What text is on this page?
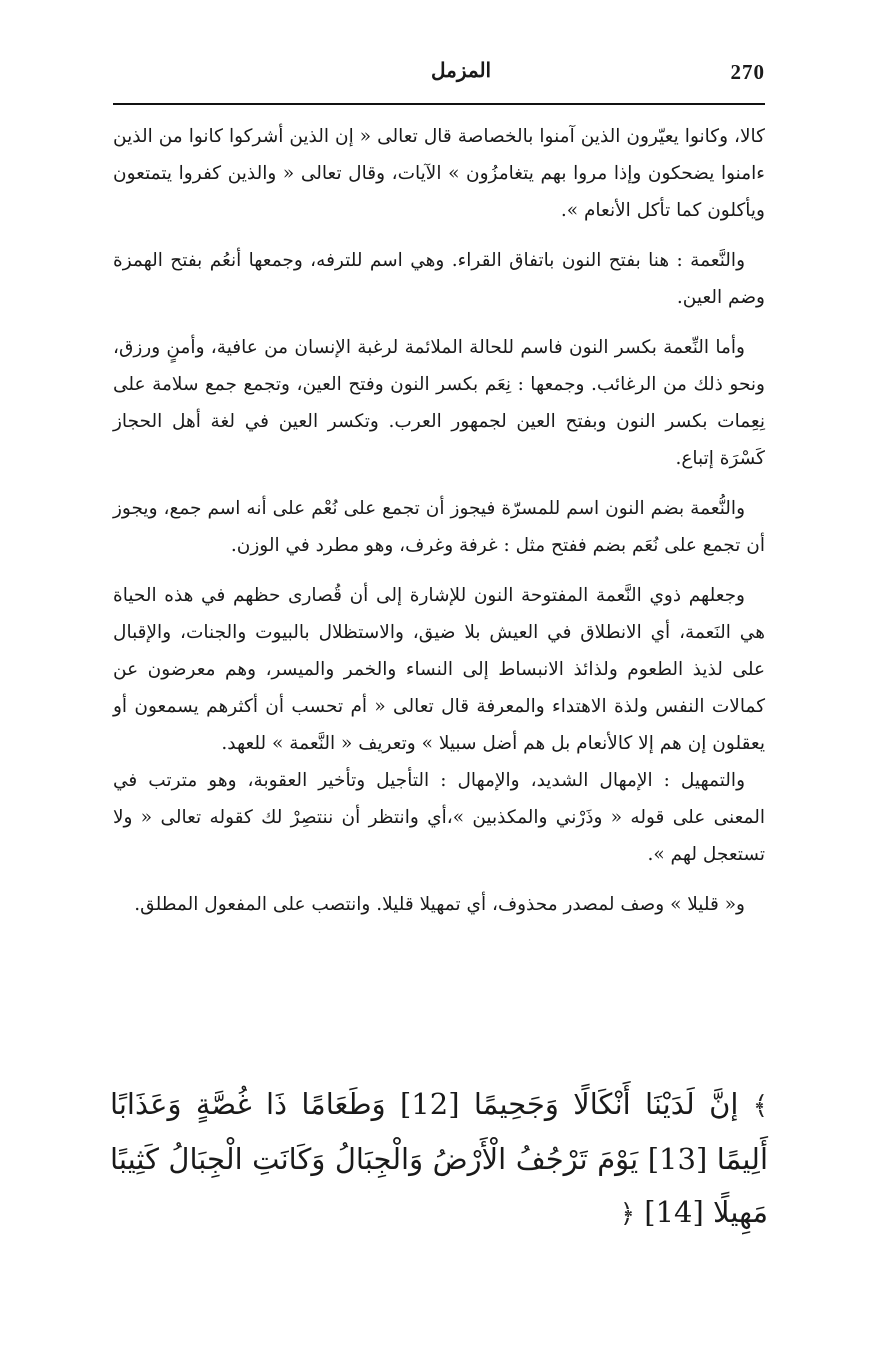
270
المزمل

كالا، وكانوا يعيّرون الذين آمنوا بالخصاصة قال تعالى « إن الذين أشركوا كانوا من الذين ءامنوا يضحكون وإذا مروا بهم يتغامزُون » الآيات، وقال تعالى « والذين كفروا يتمتعون ويأكلون كما تأكل الأنعام ».

والنَّعمة : هنا بفتح النون باتفاق القراء. وهي اسم للترفه، وجمعها أنعُم بفتح الهمزة وضم العين.

وأما النِّعمة بكسر النون فاسم للحالة الملائمة لرغبة الإنسان من عافية، وأمنٍ ورزق، ونحو ذلك من الرغائب. وجمعها : نِعَم بكسر النون وفتح العين، وتجمع جمع سلامة على نِعِمات بكسر النون وبفتح العين لجمهور العرب. وتكسر العين في لغة أهل الحجاز كَسْرَة إتباع.

والنُّعمة بضم النون اسم للمسرّة فيجوز أن تجمع على نُعْم على أنه اسم جمع، ويجوز أن تجمع على نُعَم بضم ففتح مثل : غرفة وغرف، وهو مطرد في الوزن.

وجعلهم ذوي النَّعمة المفتوحة النون للإشارة إلى أن قُصارى حظهم في هذه الحياة هي النَعمة، أي الانطلاق في العيش بلا ضيق، والاستظلال بالبيوت والجنات، والإقبال على لذيذ الطعوم ولذائذ الانبساط إلى النساء والخمر والميسر، وهم معرضون عن كمالات النفس ولذة الاهتداء والمعرفة قال تعالى « أم تحسب أن أكثرهم يسمعون أو يعقلون إن هم إلا كالأنعام بل هم أضل سبيلا » وتعريف « النَّعمة » للعهد.

والتمهيل : الإمهال الشديد، والإمهال : التأجيل وتأخير العقوبة، وهو مترتب في المعنى على قوله « وذَرْني والمكذبين »،أي وانتظر أن ننتصِرْ لك كقوله تعالى « ولا تستعجل لهم ».

و« قليلا » وصف لمصدر محذوف، أي تمهيلا قليلا. وانتصب على المفعول المطلق.

﴾ إنَّ لَدَيْنَا أَنْكَالًا وَجَحِيمًا [12] وَطَعَامًا ذَا غُصَّةٍ وَعَذَابًا أَلِيمًا [13] يَوْمَ تَرْجُفُ الْأَرْضُ وَالْجِبَالُ وَكَانَتِ الْجِبَالُ كَثِيبًا مَهِيلًا [14] ﴿
